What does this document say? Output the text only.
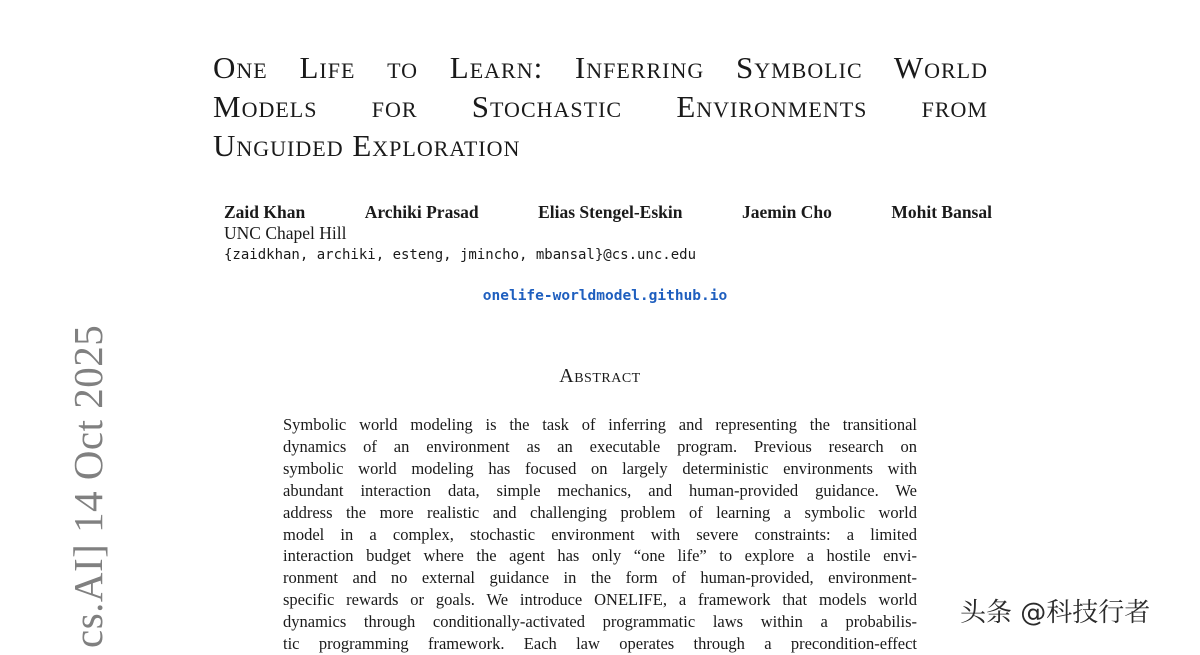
One Life to Learn: Inferring Symbolic World
Models for Stochastic Environments from
Unguided Exploration
Zaid Khan	Archiki Prasad	Elias Stengel-Eskin	Jaemin Cho	Mohit Bansal
UNC Chapel Hill
{zaidkhan, archiki, esteng, jmincho, mbansal}@cs.unc.edu
onelife-worldmodel.github.io
Abstract
Symbolic world modeling is the task of inferring and representing the transitional
dynamics of an environment as an executable program. Previous research on
symbolic world modeling has focused on largely deterministic environments with
abundant interaction data, simple mechanics, and human-provided guidance. We
address the more realistic and challenging problem of learning a symbolic world
model in a complex, stochastic environment with severe constraints: a limited
interaction budget where the agent has only “one life” to explore a hostile envi-
ronment and no external guidance in the form of human-provided, environment-
specific rewards or goals. We introduce ONELIFE, a framework that models world
dynamics through conditionally-activated programmatic laws within a probabilis-
tic programming framework. Each law operates through a precondition-effect
cs.AI] 14 Oct 2025	头条 @科技行者
